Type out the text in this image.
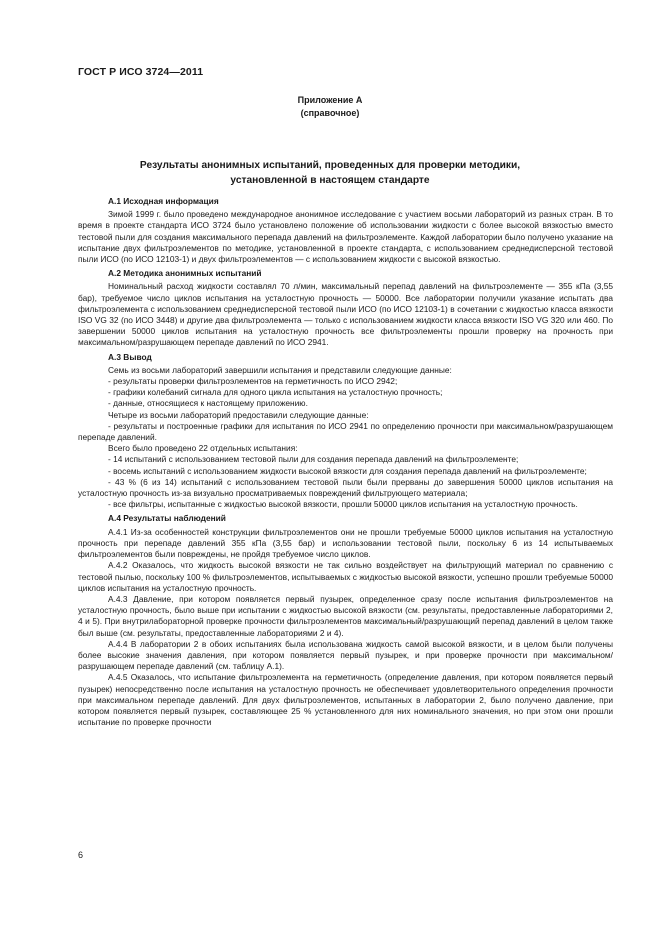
ГОСТ Р ИСО 3724—2011
Приложение А
(справочное)
Результаты анонимных испытаний, проведенных для проверки методики, установленной в настоящем стандарте

А.1 Исходная информация

Зимой 1999 г. было проведено международное анонимное исследование с участием восьми лабораторий из разных стран. В то время в проекте стандарта ИСО 3724 было установлено положение об использовании жидкости с более высокой вязкостью вместо тестовой пыли для создания максимального перепада давлений на фильтроэлементе. Каждой лаборатории было получено указание на испытание двух фильтроэлементов по методике, установленной в проекте стандарта, с использованием среднедисперсной тестовой пыли ИСО (по ИСО 12103-1) и двух фильтроэлементов — с использованием жидкости с высокой вязкостью.

А.2 Методика анонимных испытаний

Номинальный расход жидкости составлял 70 л/мин, максимальный перепад давлений на фильтроэлементе — 355 кПа (3,55 бар), требуемое число циклов испытания на усталостную прочность — 50000. Все лаборатории получили указание испытать два фильтроэлемента с использованием среднедисперсной тестовой пыли ИСО (по ИСО 12103-1) в сочетании с жидкостью класса вязкости ISO VG 32 (по ИСО 3448) и другие два фильтроэлемента — только с использованием жидкости класса вязкости ISO VG 320 или 460. По завершении 50000 циклов испытания на усталостную прочность все фильтроэлементы прошли проверку на прочность при максимальном/разрушающем перепаде давлений по ИСО 2941.

А.3 Вывод

Семь из восьми лабораторий завершили испытания и представили следующие данные:

- результаты проверки фильтроэлементов на герметичность по ИСО 2942;

- графики колебаний сигнала для одного цикла испытания на усталостную прочность;

- данные, относящиеся к настоящему приложению.

Четыре из восьми лабораторий предоставили следующие данные:

- результаты и построенные графики для испытания по ИСО 2941 по определению прочности при максимальном/разрушающем перепаде давлений.

Всего было проведено 22 отдельных испытания:

- 14 испытаний с использованием тестовой пыли для создания перепада давлений на фильтроэлементе;

- восемь испытаний с использованием жидкости высокой вязкости для создания перепада давлений на фильтроэлементе;

- 43 % (6 из 14) испытаний с использованием тестовой пыли были прерваны до завершения 50000 циклов испытания на усталостную прочность из-за визуально просматриваемых повреждений фильтрующего материала;

- все фильтры, испытанные с жидкостью высокой вязкости, прошли 50000 циклов испытания на усталостную прочность.

А.4 Результаты наблюдений

А.4.1 Из-за особенностей конструкции фильтроэлементов они не прошли требуемые 50000 циклов испытания на усталостную прочность при перепаде давлений 355 кПа (3,55 бар) и использовании тестовой пыли, поскольку 6 из 14 испытываемых фильтроэлементов были повреждены, не пройдя требуемое число циклов.

А.4.2 Оказалось, что жидкость высокой вязкости не так сильно воздействует на фильтрующий материал по сравнению с тестовой пылью, поскольку 100 % фильтроэлементов, испытываемых с жидкостью высокой вязкости, успешно прошли требуемые 50000 циклов испытания на усталостную прочность.

А.4.3 Давление, при котором появляется первый пузырек, определенное сразу после испытания фильтроэлементов на усталостную прочность, было выше при испытании с жидкостью высокой вязкости (см. результаты, предоставленные лабораториями 2, 4 и 5). При внутрилабораторной проверке прочности фильтроэлементов максимальный/разрушающий перепад давлений в целом также был выше (см. результаты, предоставленные лабораториями 2 и 4).

А.4.4 В лаборатории 2 в обоих испытаниях была использована жидкость самой высокой вязкости, и в целом были получены более высокие значения давления, при котором появляется первый пузырек, и при проверке прочности при максимальном/разрушающем перепаде давлений (см. таблицу А.1).

А.4.5 Оказалось, что испытание фильтроэлемента на герметичность (определение давления, при котором появляется первый пузырек) непосредственно после испытания на усталостную прочность не обеспечивает удовлетворительного определения прочности при максимальном перепаде давлений. Для двух фильтроэлементов, испытанных в лаборатории 2, было получено давление, при котором появляется первый пузырек, составляющее 25 % установленного для них номинального значения, но при этом они прошли испытание по проверке прочности

6
